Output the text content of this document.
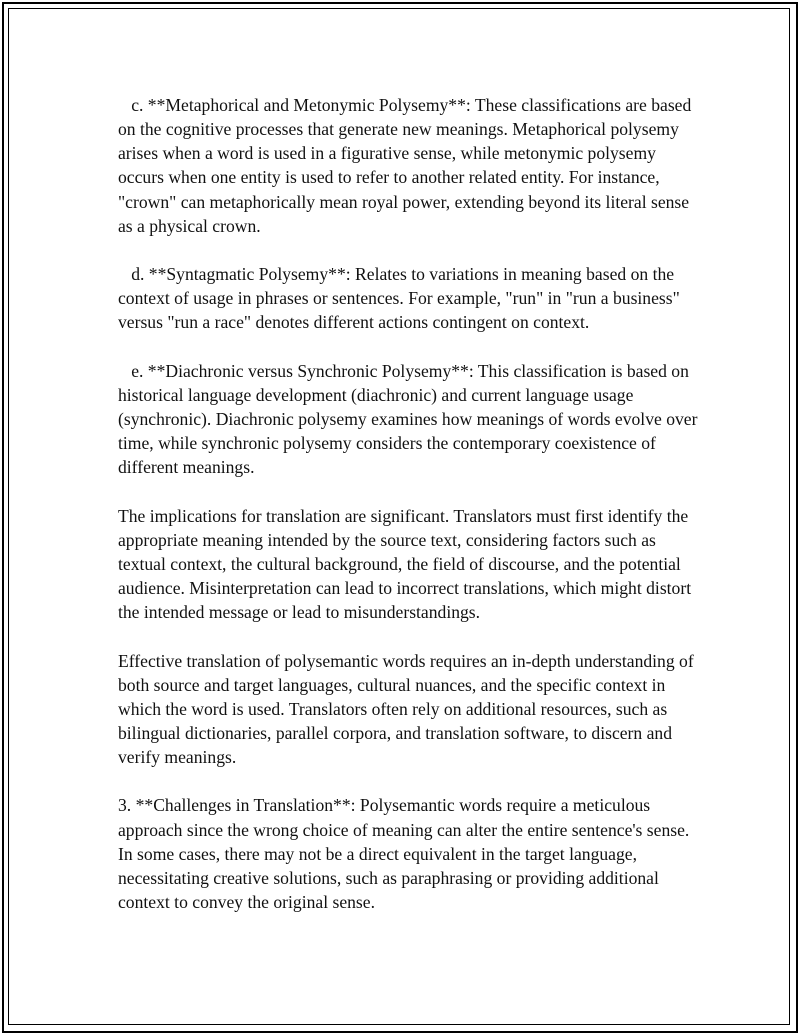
c. **Metaphorical and Metonymic Polysemy**: These classifications are based on the cognitive processes that generate new meanings. Metaphorical polysemy arises when a word is used in a figurative sense, while metonymic polysemy occurs when one entity is used to refer to another related entity. For instance, "crown" can metaphorically mean royal power, extending beyond its literal sense as a physical crown.

d. **Syntagmatic Polysemy**: Relates to variations in meaning based on the context of usage in phrases or sentences. For example, "run" in "run a business" versus "run a race" denotes different actions contingent on context.

e. **Diachronic versus Synchronic Polysemy**: This classification is based on historical language development (diachronic) and current language usage (synchronic). Diachronic polysemy examines how meanings of words evolve over time, while synchronic polysemy considers the contemporary coexistence of different meanings.

The implications for translation are significant. Translators must first identify the appropriate meaning intended by the source text, considering factors such as textual context, the cultural background, the field of discourse, and the potential audience. Misinterpretation can lead to incorrect translations, which might distort the intended message or lead to misunderstandings.

Effective translation of polysemantic words requires an in-depth understanding of both source and target languages, cultural nuances, and the specific context in which the word is used. Translators often rely on additional resources, such as bilingual dictionaries, parallel corpora, and translation software, to discern and verify meanings.

3. **Challenges in Translation**: Polysemantic words require a meticulous approach since the wrong choice of meaning can alter the entire sentence's sense. In some cases, there may not be a direct equivalent in the target language, necessitating creative solutions, such as paraphrasing or providing additional context to convey the original sense.
